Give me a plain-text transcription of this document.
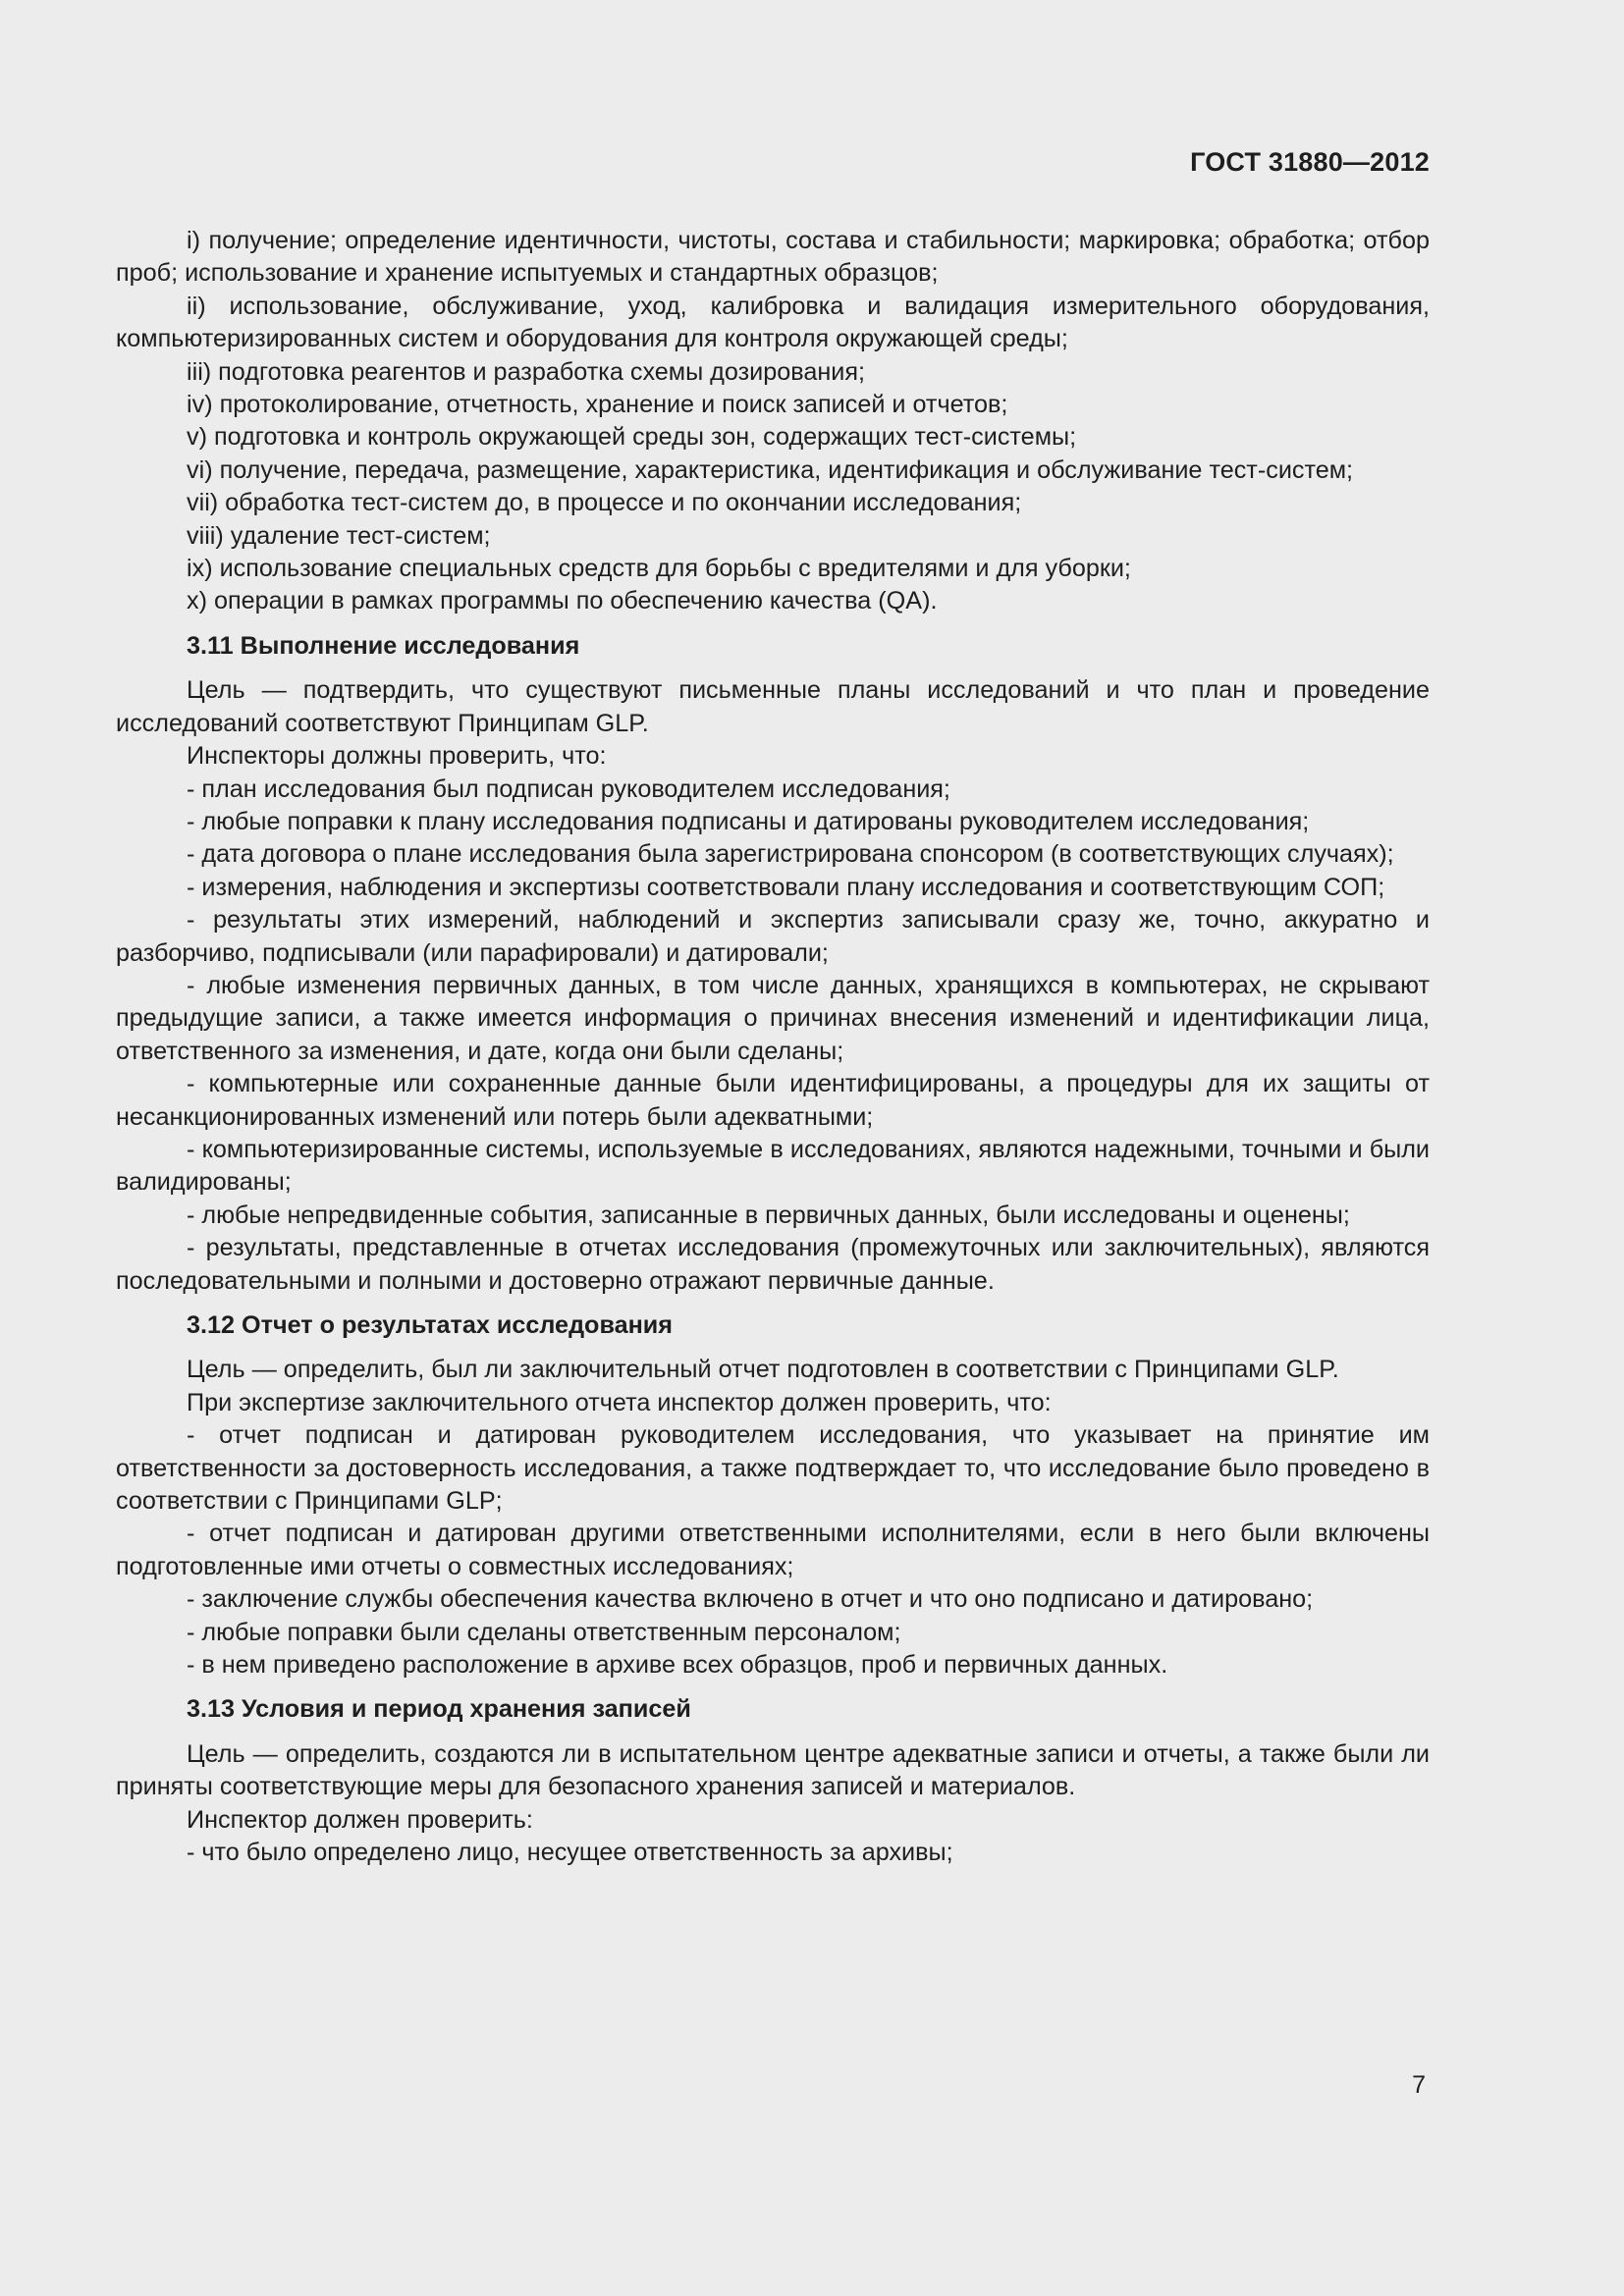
ГОСТ 31880—2012

i) получение; определение идентичности, чистоты, состава и стабильности; маркировка; обработка; отбор проб; использование и хранение испытуемых и стандартных образцов;

ii) использование, обслуживание, уход, калибровка и валидация измерительного оборудования, компьютеризированных систем и оборудования для контроля окружающей среды;

iii) подготовка реагентов и разработка схемы дозирования;

iv) протоколирование, отчетность, хранение и поиск записей и отчетов;

v) подготовка и контроль окружающей среды зон, содержащих тест-системы;

vi) получение, передача, размещение, характеристика, идентификация и обслуживание тест-систем;

vii) обработка тест-систем до, в процессе и по окончании исследования;

viii) удаление тест-систем;

ix) использование специальных средств для борьбы с вредителями и для уборки;

x) операции в рамках программы по обеспечению качества (QA).

3.11 Выполнение исследования

Цель — подтвердить, что существуют письменные планы исследований и что план и проведение исследований соответствуют Принципам GLP.

Инспекторы должны проверить, что:

- план исследования был подписан руководителем исследования;

- любые поправки к плану исследования подписаны и датированы руководителем исследования;

- дата договора о плане исследования была зарегистрирована спонсором (в соответствующих случаях);

- измерения, наблюдения и экспертизы соответствовали плану исследования и соответствующим СОП;

- результаты этих измерений, наблюдений и экспертиз записывали сразу же, точно, аккуратно и разборчиво, подписывали (или парафировали) и датировали;

- любые изменения первичных данных, в том числе данных, хранящихся в компьютерах, не скрывают предыдущие записи, а также имеется информация о причинах внесения изменений и идентификации лица, ответственного за изменения, и дате, когда они были сделаны;

- компьютерные или сохраненные данные были идентифицированы, а процедуры для их защиты от несанкционированных изменений или потерь были адекватными;

- компьютеризированные системы, используемые в исследованиях, являются надежными, точными и были валидированы;

- любые непредвиденные события, записанные в первичных данных, были исследованы и оценены;

- результаты, представленные в отчетах исследования (промежуточных или заключительных), являются последовательными и полными и достоверно отражают первичные данные.

3.12 Отчет о результатах исследования

Цель — определить, был ли заключительный отчет подготовлен в соответствии с Принципами GLP.

При экспертизе заключительного отчета инспектор должен проверить, что:

- отчет подписан и датирован руководителем исследования, что указывает на принятие им ответственности за достоверность исследования, а также подтверждает то, что исследование было проведено в соответствии с Принципами GLP;

- отчет подписан и датирован другими ответственными исполнителями, если в него были включены подготовленные ими отчеты о совместных исследованиях;

- заключение службы обеспечения качества включено в отчет и что оно подписано и датировано;

- любые поправки были сделаны ответственным персоналом;

- в нем приведено расположение в архиве всех образцов, проб и первичных данных.

3.13 Условия и период хранения записей

Цель — определить, создаются ли в испытательном центре адекватные записи и отчеты, а также были ли приняты соответствующие меры для безопасного хранения записей и материалов.

Инспектор должен проверить:

- что было определено лицо, несущее ответственность за архивы;

7
